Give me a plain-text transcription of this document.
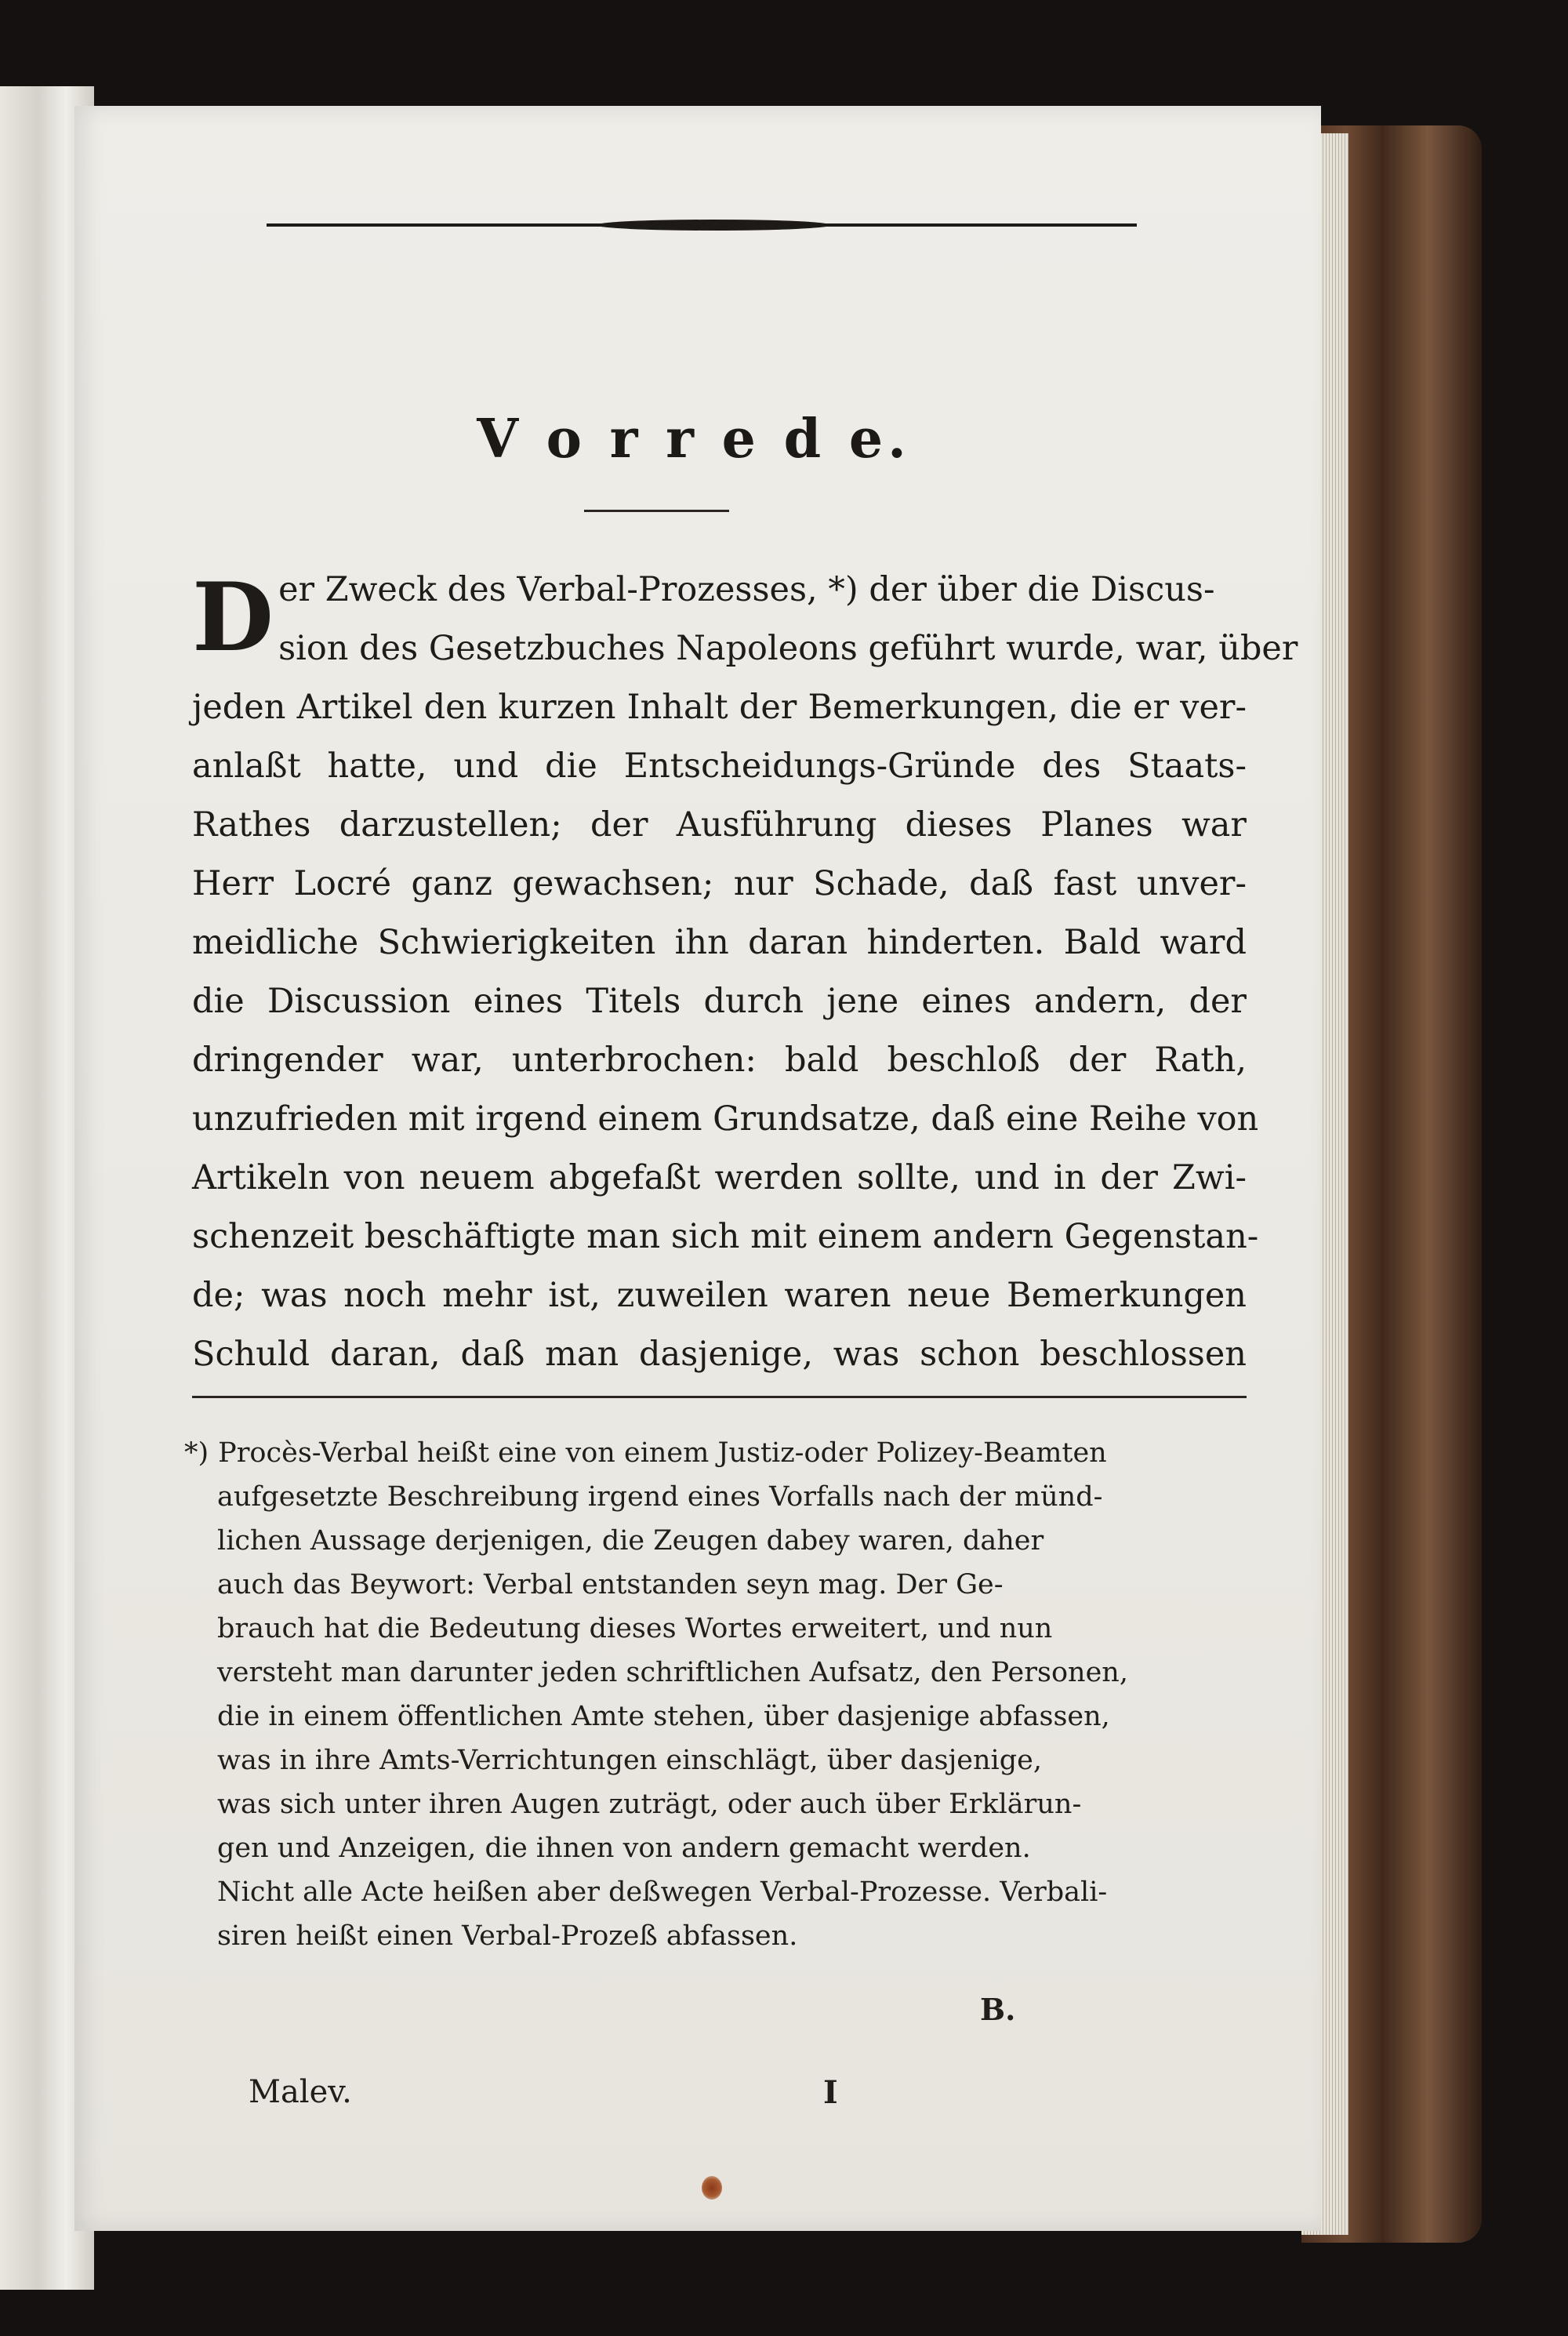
V o r r e d e.
D er Zweck des Verbal-Prozesses, *) der über die Discus-
sion des Gesetzbuches Napoleons geführt wurde, war, über
jeden Artikel den kurzen Inhalt der Bemerkungen, die er ver-
anlaßt hatte, und die Entscheidungs-Gründe des Staats-
Rathes darzustellen; der Ausführung dieses Planes war
Herr Locré ganz gewachsen; nur Schade, daß fast unver-
meidliche Schwierigkeiten ihn daran hinderten. Bald ward
die Discussion eines Titels durch jene eines andern, der
dringender war, unterbrochen: bald beschloß der Rath,
unzufrieden mit irgend einem Grundsatze, daß eine Reihe von
Artikeln von neuem abgefaßt werden sollte, und in der Zwi-
schenzeit beschäftigte man sich mit einem andern Gegenstan-
de; was noch mehr ist, zuweilen waren neue Bemerkungen
Schuld daran, daß man dasjenige, was schon beschlossen
*) Procès-Verbal heißt eine von einem Justiz-oder Polizey-Beamten
aufgesetzte Beschreibung irgend eines Vorfalls nach der münd-
lichen Aussage derjenigen, die Zeugen dabey waren, daher
auch das Beywort: Verbal entstanden seyn mag. Der Ge-
brauch hat die Bedeutung dieses Wortes erweitert, und nun
versteht man darunter jeden schriftlichen Aufsatz, den Personen,
die in einem öffentlichen Amte stehen, über dasjenige abfassen,
was in ihre Amts-Verrichtungen einschlägt, über dasjenige,
was sich unter ihren Augen zuträgt, oder auch über Erklärun-
gen und Anzeigen, die ihnen von andern gemacht werden.
Nicht alle Acte heißen aber deßwegen Verbal-Prozesse. Verbali-
siren heißt einen Verbal-Prozeß abfassen.
B.
Malev.	I
